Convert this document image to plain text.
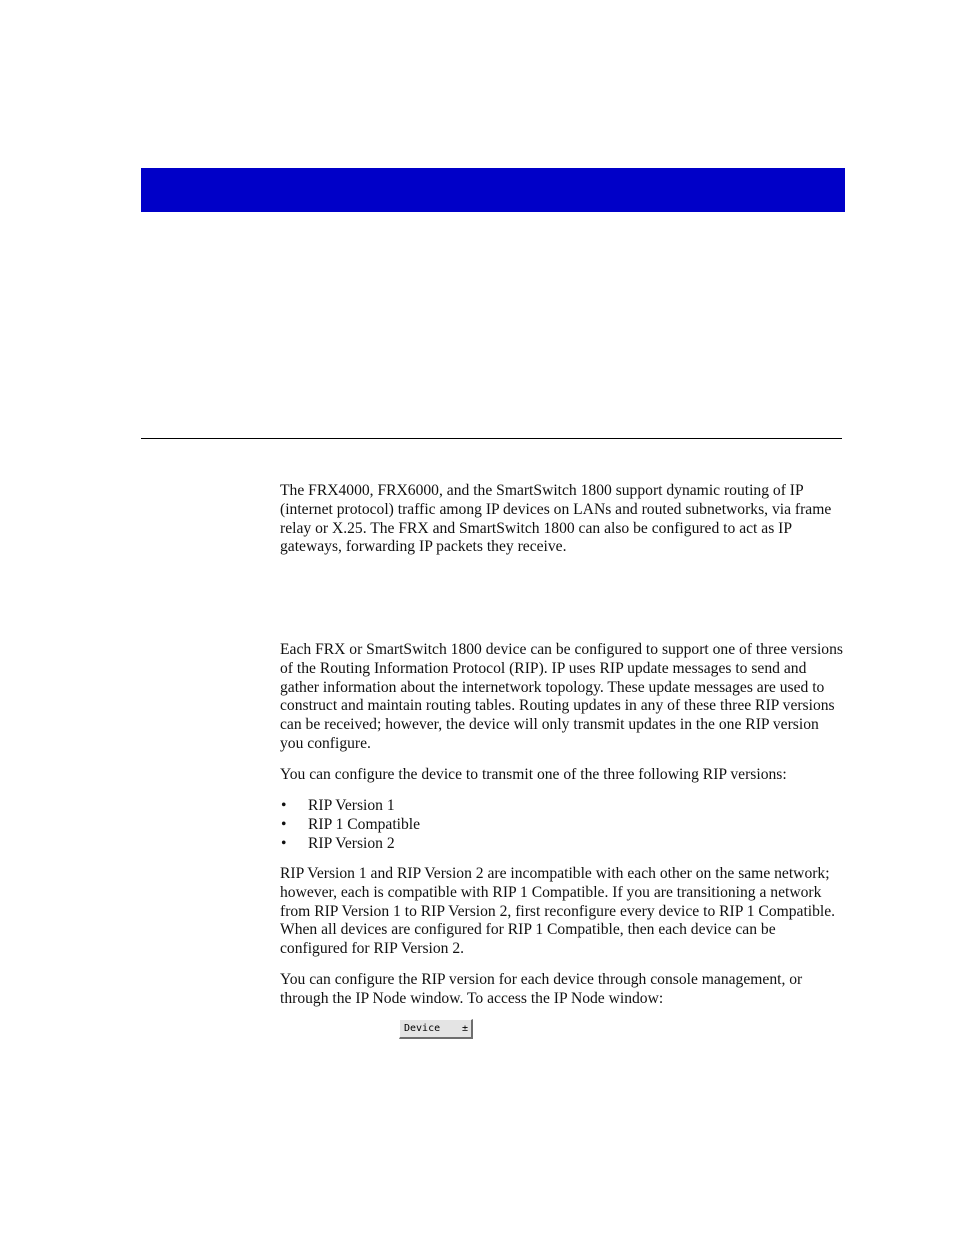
The FRX4000, FRX6000, and the SmartSwitch 1800 support dynamic routing of IP (internet protocol) traffic among IP devices on LANs and routed subnetworks, via frame relay or X.25. The FRX and SmartSwitch 1800 can also be configured to act as IP gateways, forwarding IP packets they receive.

Each FRX or SmartSwitch 1800 device can be configured to support one of three versions of the Routing Information Protocol (RIP). IP uses RIP update messages to send and gather information about the internetwork topology. These update messages are used to construct and maintain routing tables. Routing updates in any of these three RIP versions can be received; however, the device will only transmit updates in the one RIP version you configure.

You can configure the device to transmit one of the three following RIP versions:

• RIP Version 1
• RIP 1 Compatible
• RIP Version 2

RIP Version 1 and RIP Version 2 are incompatible with each other on the same network; however, each is compatible with RIP 1 Compatible. If you are transitioning a network from RIP Version 1 to RIP Version 2, first reconfigure every device to RIP 1 Compatible. When all devices are configured for RIP 1 Compatible, then each device can be configured for RIP Version 2.

You can configure the RIP version for each device through console management, or through the IP Node window. To access the IP Node window:

Device ±
